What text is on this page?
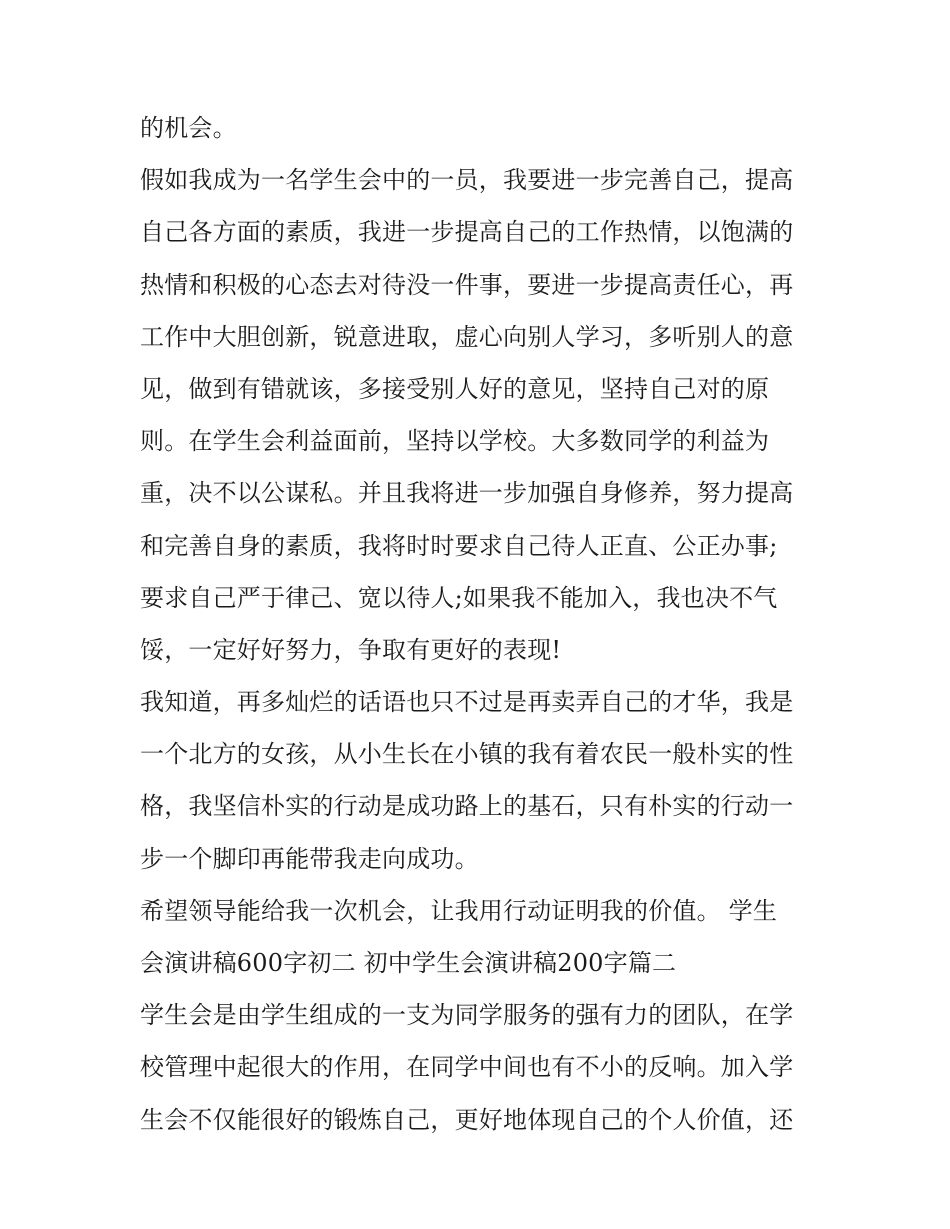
的机会。
假如我成为一名学生会中的一员，我要进一步完善自己，提高
自己各方面的素质，我进一步提高自己的工作热情，以饱满的
热情和积极的心态去对待没一件事，要进一步提高责任心，再
工作中大胆创新，锐意进取，虚心向别人学习，多听别人的意
见，做到有错就该，多接受别人好的意见，坚持自己对的原
则。在学生会利益面前，坚持以学校。大多数同学的利益为
重，决不以公谋私。并且我将进一步加强自身修养，努力提高
和完善自身的素质，我将时时要求自己待人正直、公正办事;
要求自己严于律己、宽以待人;如果我不能加入，我也决不气
馁，一定好好努力，争取有更好的表现!
我知道，再多灿烂的话语也只不过是再卖弄自己的才华，我是
一个北方的女孩，从小生长在小镇的我有着农民一般朴实的性
格，我坚信朴实的行动是成功路上的基石，只有朴实的行动一
步一个脚印再能带我走向成功。
希望领导能给我一次机会，让我用行动证明我的价值。 学生
会演讲稿600字初二 初中学生会演讲稿200字篇二
学生会是由学生组成的一支为同学服务的强有力的团队，在学
校管理中起很大的作用，在同学中间也有不小的反响。加入学
生会不仅能很好的锻炼自己，更好地体现自己的个人价值，还
